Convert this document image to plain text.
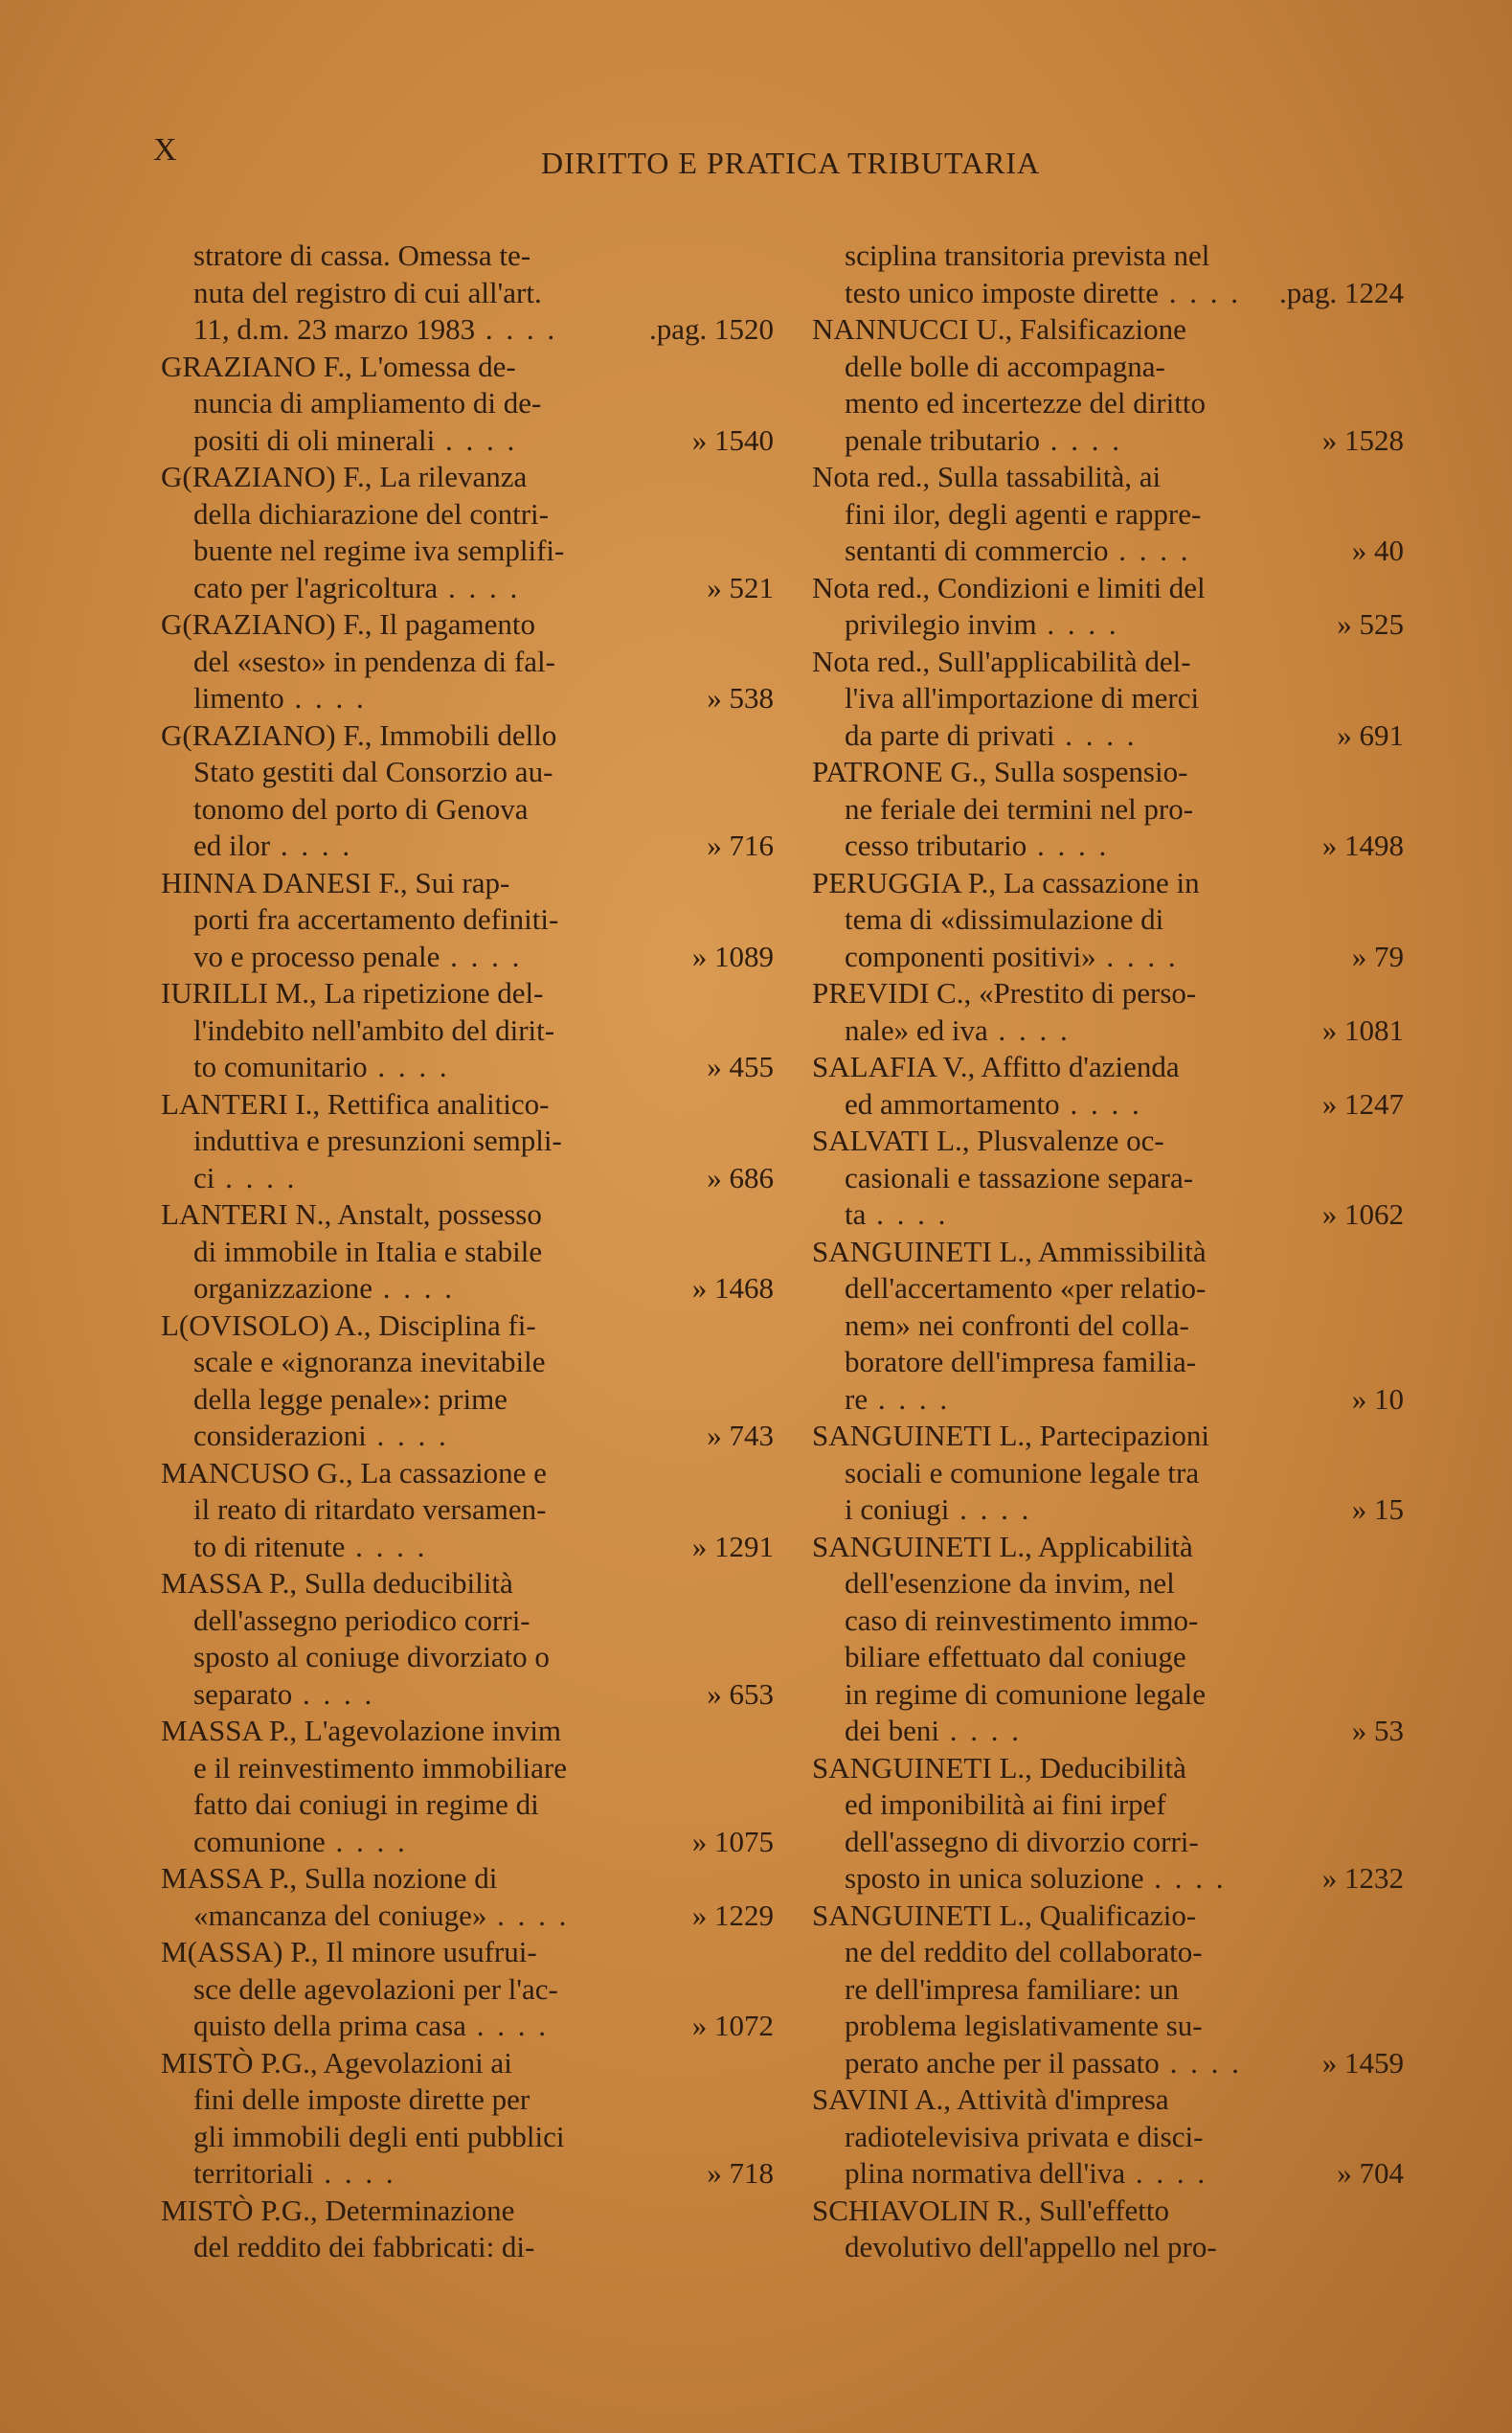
X	DIRITTO E PRATICA TRIBUTARIA
stratore di cassa. Omessa te-
nuta del registro di cui all'art.
11, d.m. 23 marzo 1983 . . . .	.pag. 1520
GRAZIANO F., L'omessa de-
nuncia di ampliamento di de-
positi di oli minerali . . . .	» 1540
G(RAZIANO) F., La rilevanza
della dichiarazione del contri-
buente nel regime iva semplifi-
cato per l'agricoltura . . . .	» 521
G(RAZIANO) F., Il pagamento
del «sesto» in pendenza di fal-
limento . . . .	» 538
G(RAZIANO) F., Immobili dello
Stato gestiti dal Consorzio au-
tonomo del porto di Genova
ed ilor . . . .	» 716
HINNA DANESI F., Sui rap-
porti fra accertamento definiti-
vo e processo penale . . . .	» 1089
IURILLI M., La ripetizione del-
l'indebito nell'ambito del dirit-
to comunitario . . . .	» 455
LANTERI I., Rettifica analitico-
induttiva e presunzioni sempli-
ci . . . .	» 686
LANTERI N., Anstalt, possesso
di immobile in Italia e stabile
organizzazione . . . .	» 1468
L(OVISOLO) A., Disciplina fi-
scale e «ignoranza inevitabile
della legge penale»: prime
considerazioni . . . .	» 743
MANCUSO G., La cassazione e
il reato di ritardato versamen-
to di ritenute . . . .	» 1291
MASSA P., Sulla deducibilità
dell'assegno periodico corri-
sposto al coniuge divorziato o
separato . . . .	» 653
MASSA P., L'agevolazione invim
e il reinvestimento immobiliare
fatto dai coniugi in regime di
comunione . . . .	» 1075
MASSA P., Sulla nozione di
«mancanza del coniuge» . . . .	» 1229
M(ASSA) P., Il minore usufrui-
sce delle agevolazioni per l'ac-
quisto della prima casa . . . .	» 1072
MISTÒ P.G., Agevolazioni ai
fini delle imposte dirette per
gli immobili degli enti pubblici
territoriali . . . .	» 718
MISTÒ P.G., Determinazione
del reddito dei fabbricati: di-
sciplina transitoria prevista nel
testo unico imposte dirette . . . . .pag. 1224
NANNUCCI U., Falsificazione
delle bolle di accompagna-
mento ed incertezze del diritto
penale tributario . . . .	» 1528
Nota red., Sulla tassabilità, ai
fini ilor, degli agenti e rappre-
sentanti di commercio . . . .	» 40
Nota red., Condizioni e limiti del
privilegio invim . . . .	» 525
Nota red., Sull'applicabilità del-
l'iva all'importazione di merci
da parte di privati . . . .	» 691
PATRONE G., Sulla sospensio-
ne feriale dei termini nel pro-
cesso tributario . . . .	» 1498
PERUGGIA P., La cassazione in
tema di «dissimulazione di
componenti positivi» . . . .	» 79
PREVIDI C., «Prestito di perso-
nale» ed iva . . . .	» 1081
SALAFIA V., Affitto d'azienda
ed ammortamento . . . .	» 1247
SALVATI L., Plusvalenze oc-
casionali e tassazione separa-
ta . . . .	» 1062
SANGUINETI L., Ammissibilità
dell'accertamento «per relatio-
nem» nei confronti del colla-
boratore dell'impresa familia-
re . . . .	» 10
SANGUINETI L., Partecipazioni
sociali e comunione legale tra
i coniugi . . . .	» 15
SANGUINETI L., Applicabilità
dell'esenzione da invim, nel
caso di reinvestimento immo-
biliare effettuato dal coniuge
in regime di comunione legale
dei beni . . . .	» 53
SANGUINETI L., Deducibilità
ed imponibilità ai fini irpef
dell'assegno di divorzio corri-
sposto in unica soluzione . . . .	» 1232
SANGUINETI L., Qualificazio-
ne del reddito del collaborato-
re dell'impresa familiare: un
problema legislativamente su-
perato anche per il passato . . . .	» 1459
SAVINI A., Attività d'impresa
radiotelevisiva privata e disci-
plina normativa dell'iva . . . .	» 704
SCHIAVOLIN R., Sull'effetto
devolutivo dell'appello nel pro-
